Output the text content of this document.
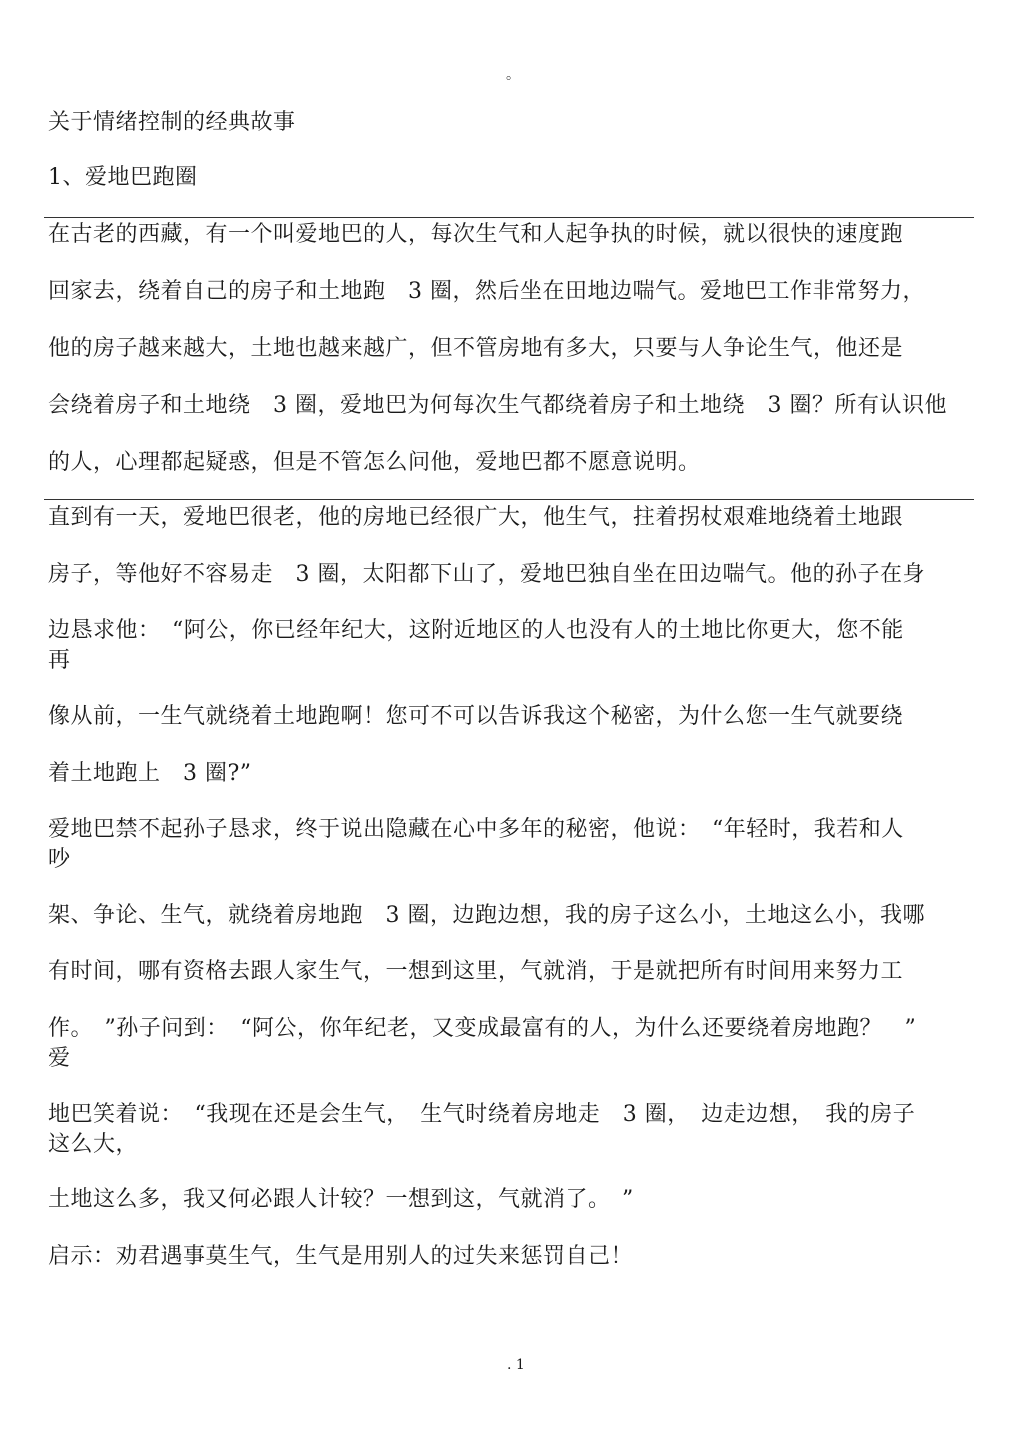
。
关于情绪控制的经典故事
1、爱地巴跑圈
在古老的西藏，有一个叫爱地巴的人，每次生气和人起争执的时候，就以很快的速度跑
回家去，绕着自己的房子和土地跑　3 圈，然后坐在田地边喘气。爱地巴工作非常努力，
他的房子越来越大，土地也越来越广，但不管房地有多大，只要与人争论生气，他还是
会绕着房子和土地绕　3 圈，爱地巴为何每次生气都绕着房子和土地绕　3 圈？所有认识他
的人，心理都起疑惑，但是不管怎么问他，爱地巴都不愿意说明。
直到有一天，爱地巴很老，他的房地已经很广大，他生气，拄着拐杖艰难地绕着土地跟
房子，等他好不容易走　3 圈，太阳都下山了，爱地巴独自坐在田边喘气。他的孙子在身
边恳求他：　“阿公，你已经年纪大，这附近地区的人也没有人的土地比你更大，您不能
再
像从前，一生气就绕着土地跑啊！您可不可以告诉我这个秘密，为什么您一生气就要绕
着土地跑上　3 圈?”
爱地巴禁不起孙子恳求，终于说出隐藏在心中多年的秘密，他说：　“年轻时，我若和人
吵
架、争论、生气，就绕着房地跑　3 圈，边跑边想，我的房子这么小，土地这么小，我哪
有时间，哪有资格去跟人家生气，一想到这里，气就消，于是就把所有时间用来努力工
作。　”孙子问到：　“阿公，你年纪老，又变成最富有的人，为什么还要绕着房地跑？　”
爱
地巴笑着说：　“我现在还是会生气，　生气时绕着房地走　3 圈，　边走边想，　我的房子
这么大，
土地这么多，我又何必跟人计较？一想到这，气就消了。　”
启示：劝君遇事莫生气，生气是用别人的过失来惩罚自己！
. 1
